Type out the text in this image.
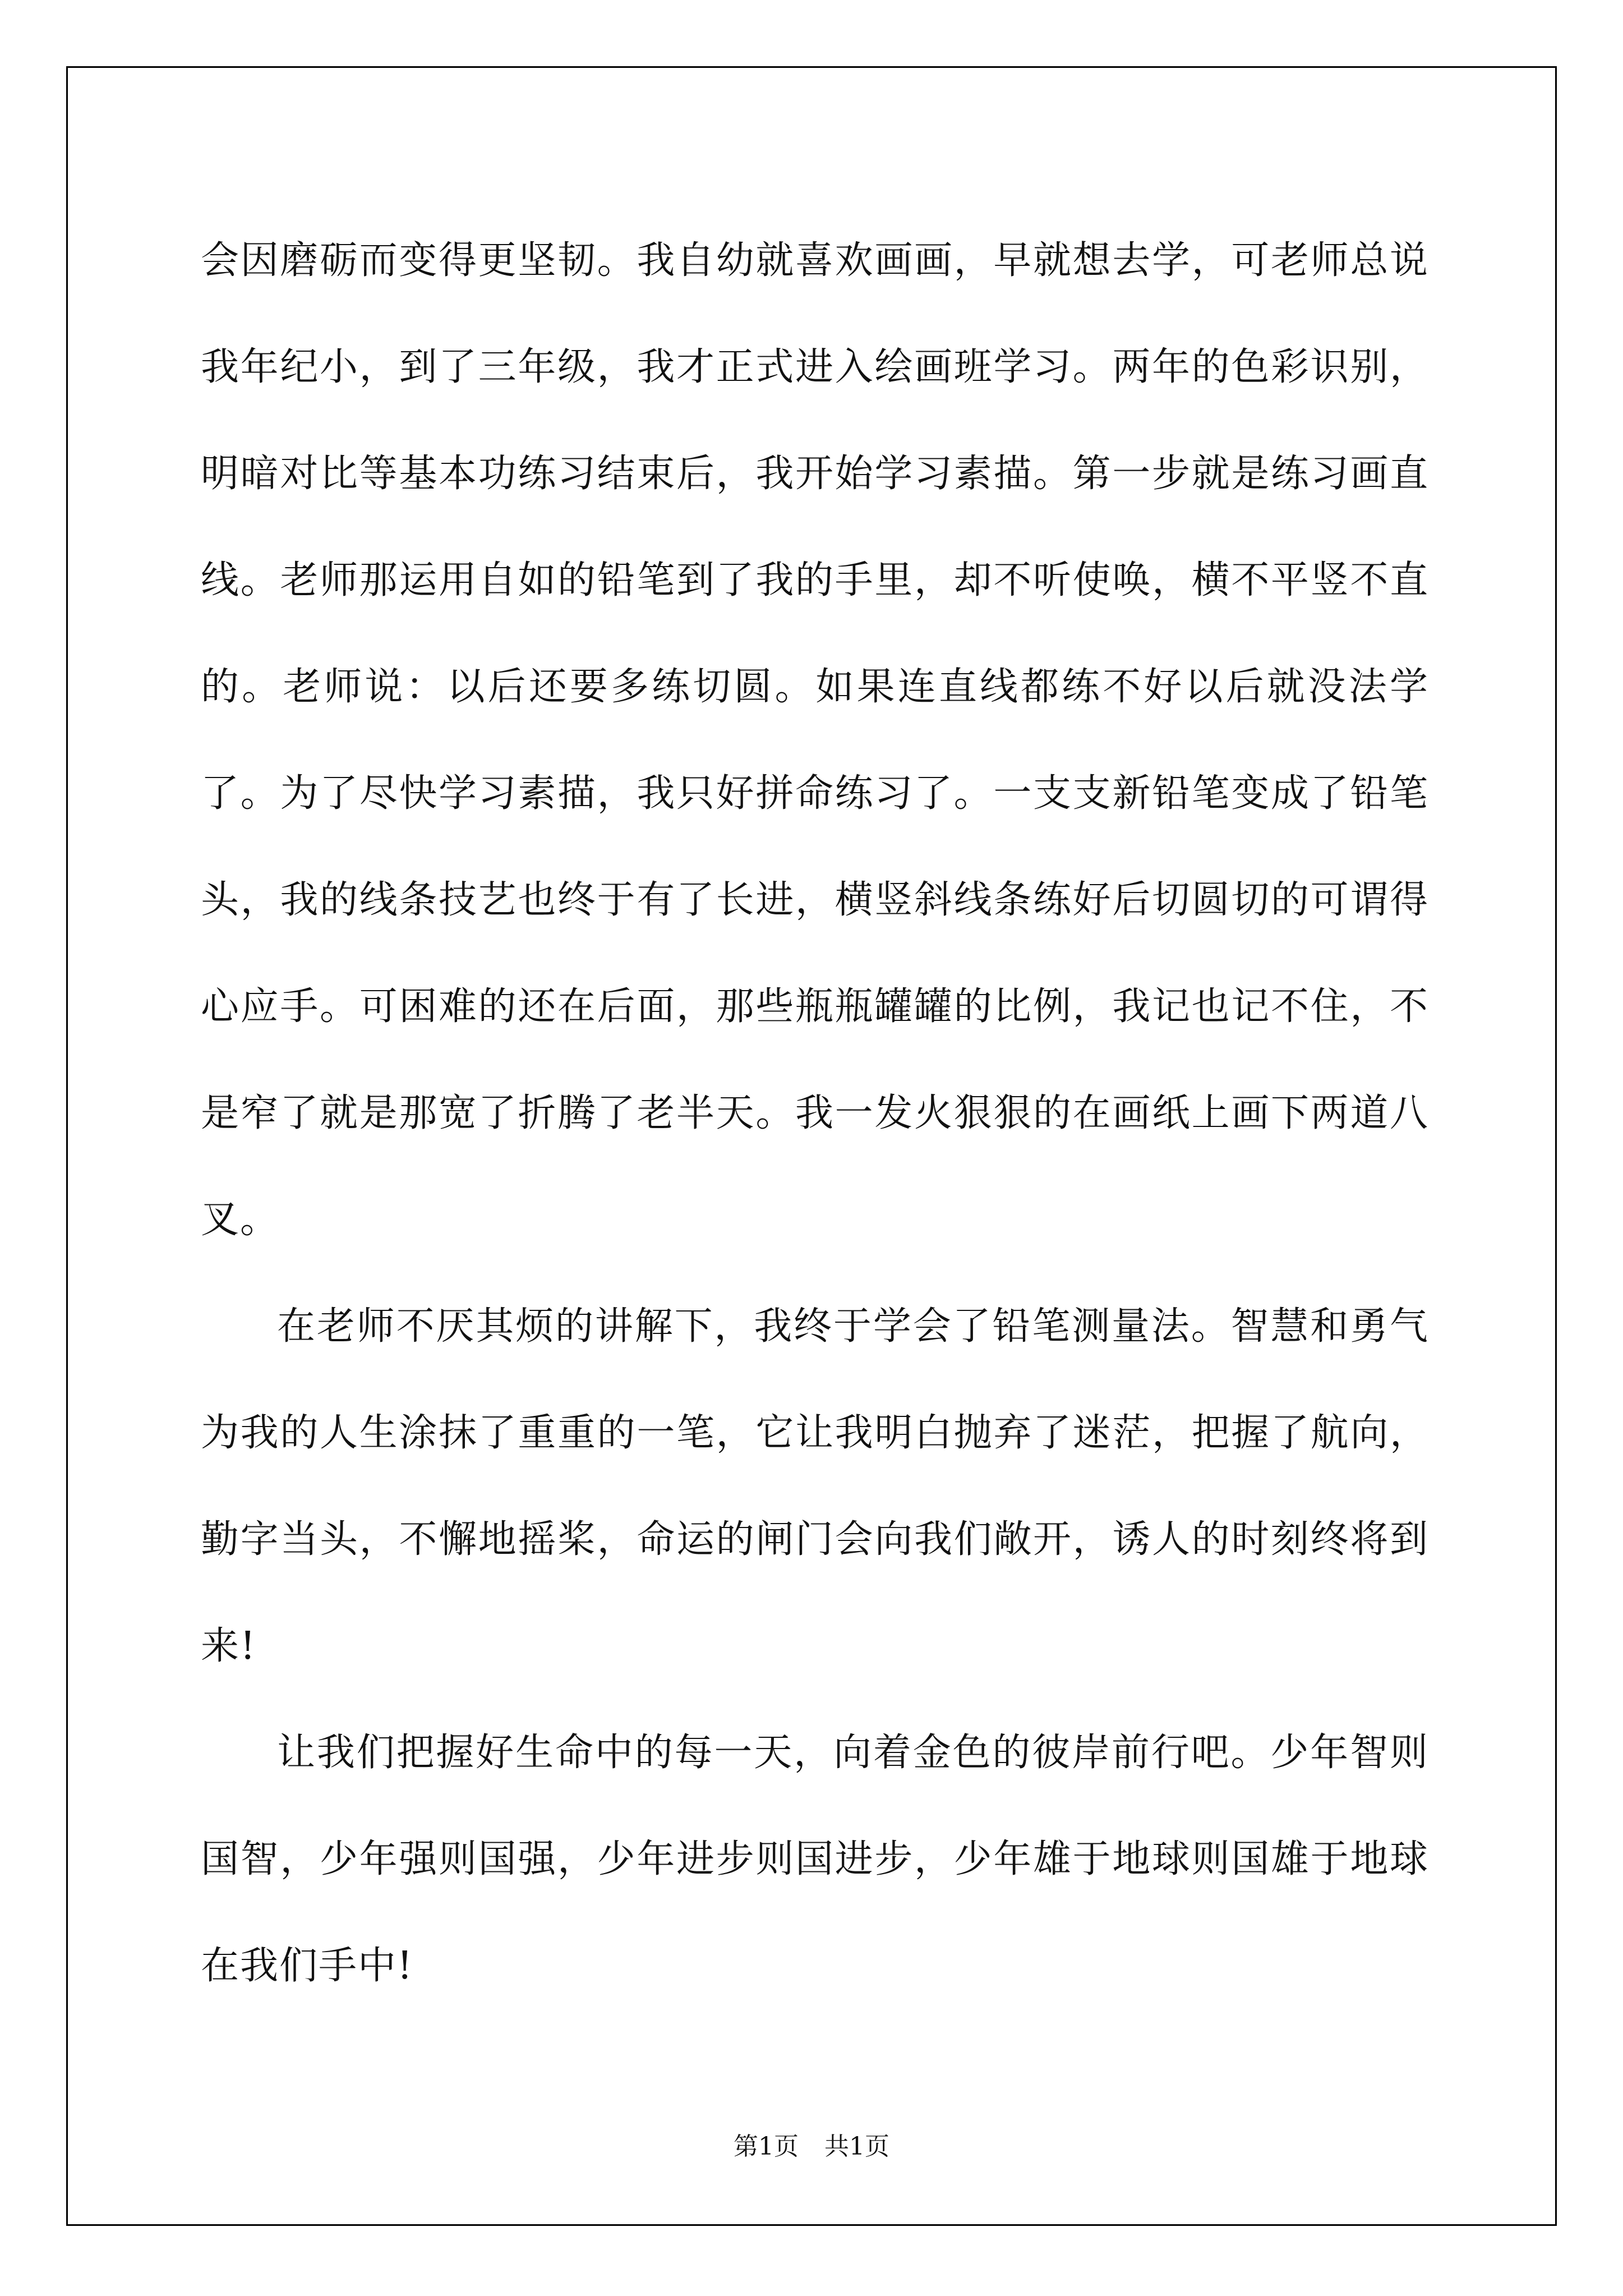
会因磨砺而变得更坚韧。我自幼就喜欢画画，早就想去学，可老师总说我年纪小，到了三年级，我才正式进入绘画班学习。两年的色彩识别，明暗对比等基本功练习结束后，我开始学习素描。第一步就是练习画直线。老师那运用自如的铅笔到了我的手里，却不听使唤，横不平竖不直的。老师说：以后还要多练切圆。如果连直线都练不好以后就没法学了。为了尽快学习素描，我只好拼命练习了。一支支新铅笔变成了铅笔头，我的线条技艺也终于有了长进，横竖斜线条练好后切圆切的可谓得心应手。可困难的还在后面，那些瓶瓶罐罐的比例，我记也记不住，不是窄了就是那宽了折腾了老半天。我一发火狠狠的在画纸上画下两道八叉。

在老师不厌其烦的讲解下，我终于学会了铅笔测量法。智慧和勇气为我的人生涂抹了重重的一笔，它让我明白抛弃了迷茫，把握了航向，勤字当头，不懈地摇桨，命运的闸门会向我们敞开，诱人的时刻终将到来!

让我们把握好生命中的每一天，向着金色的彼岸前行吧。少年智则国智，少年强则国强，少年进步则国进步，少年雄于地球则国雄于地球在我们手中!

第1页 共1页
